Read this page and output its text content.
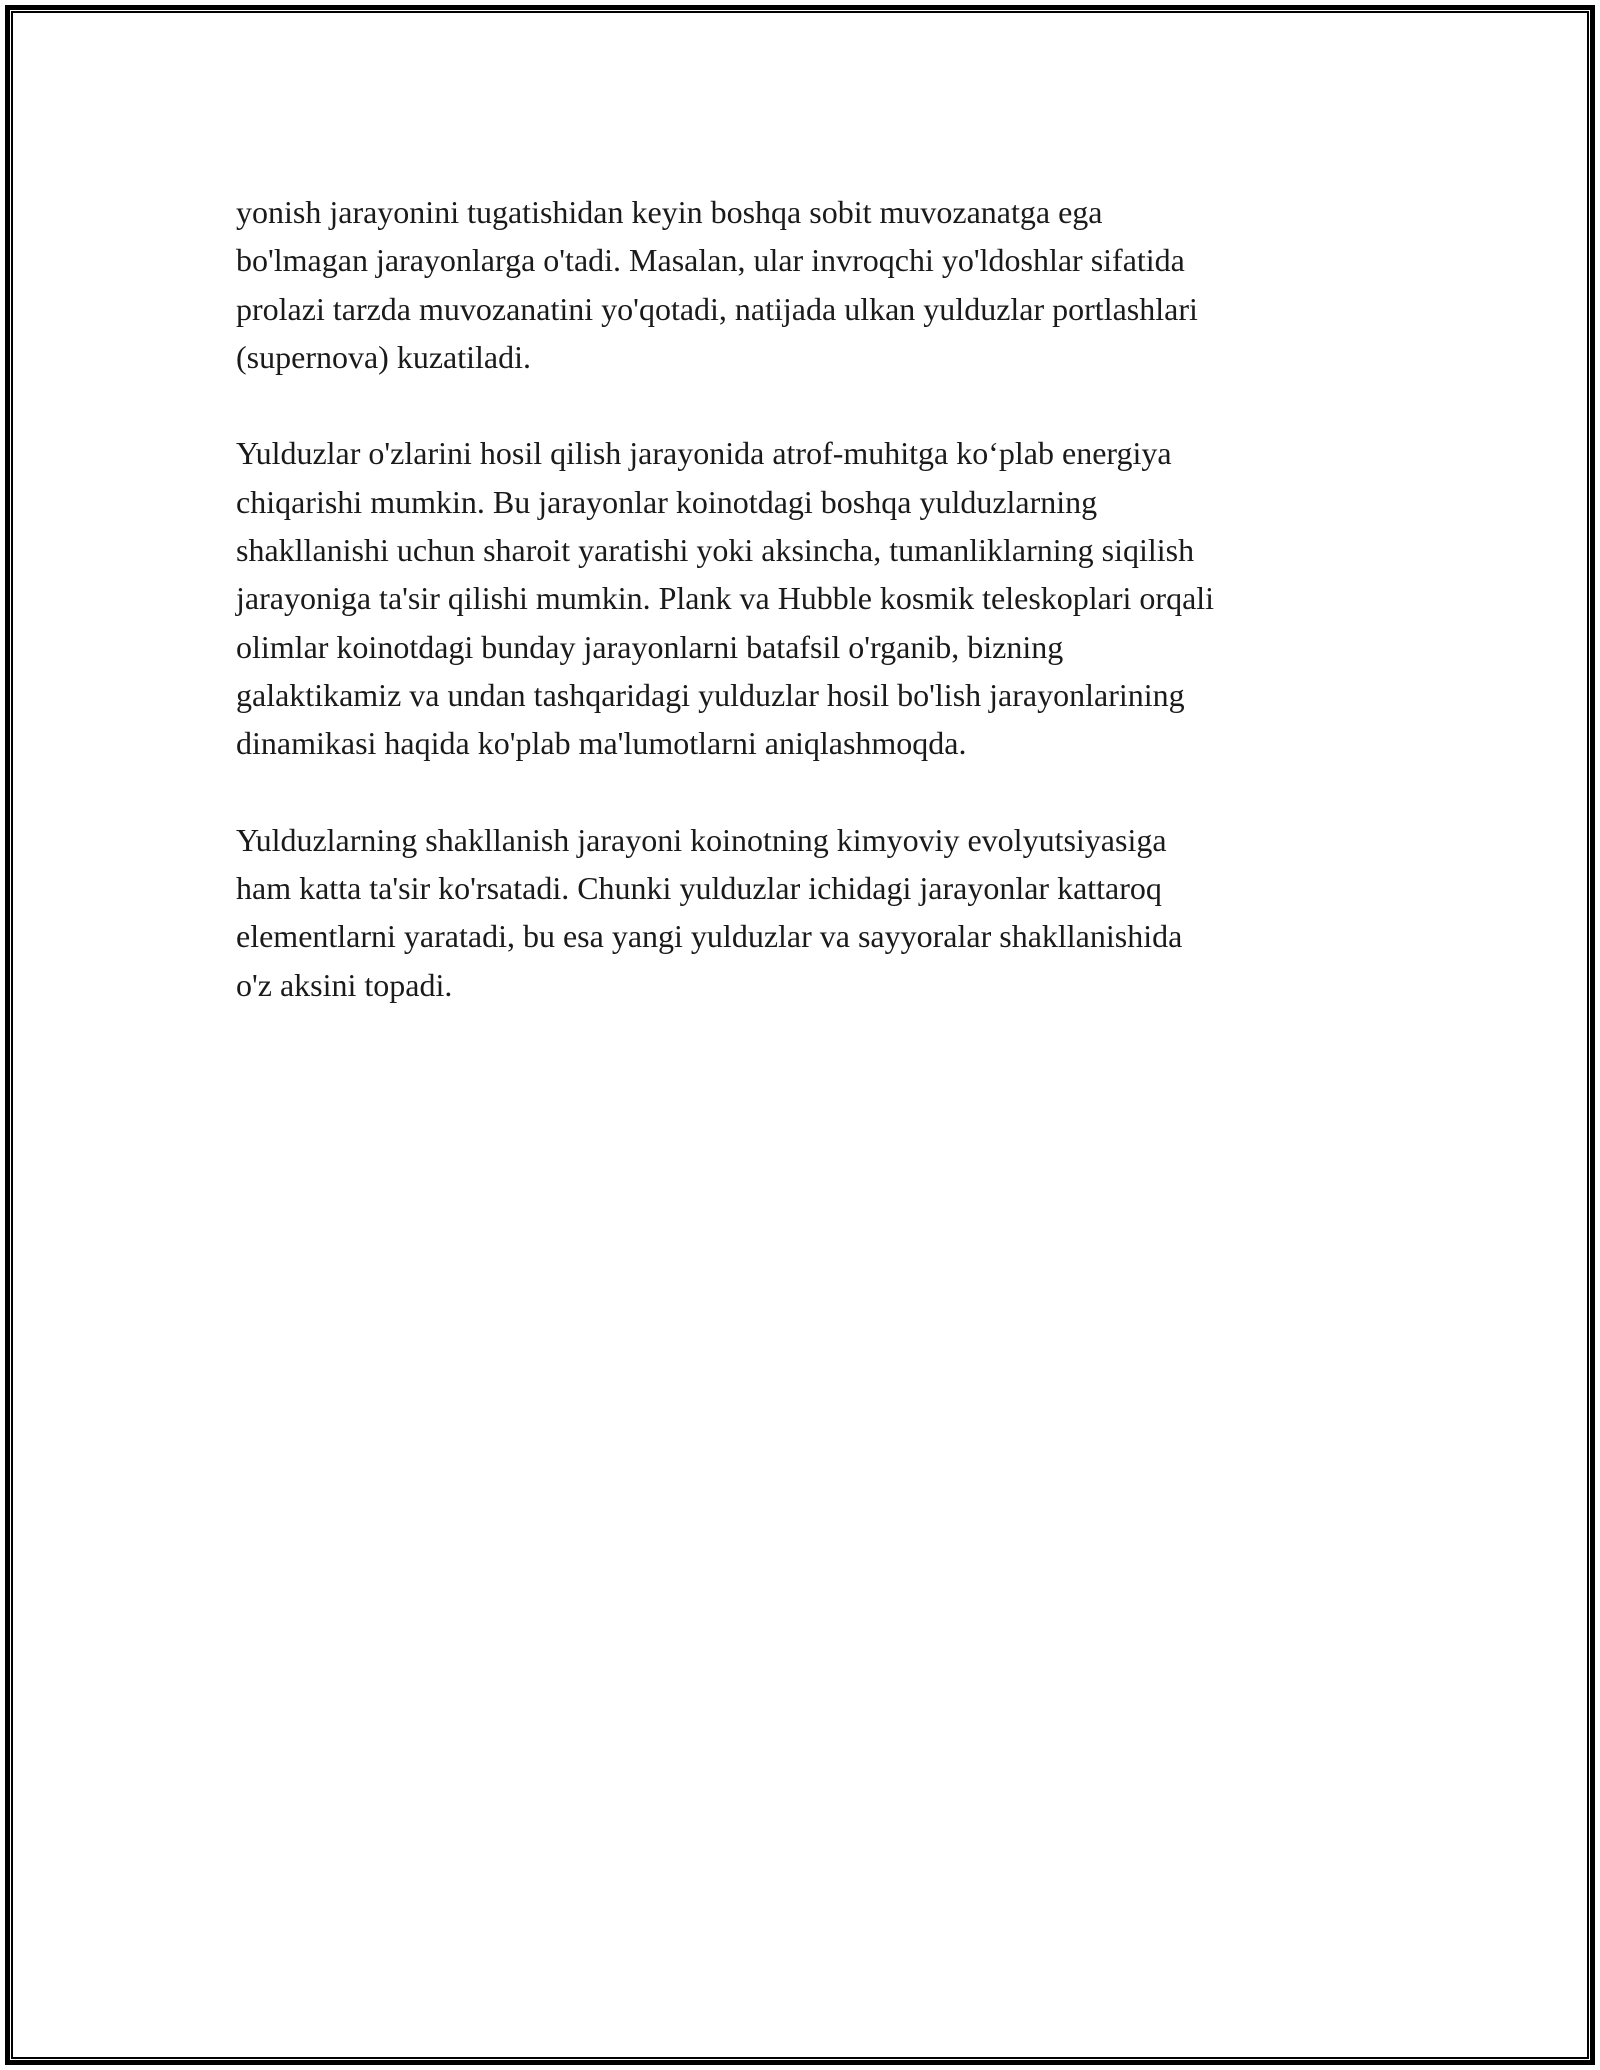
yonish jarayonini tugatishidan keyin boshqa sobit muvozanatga ega
bo'lmagan jarayonlarga o'tadi. Masalan, ular invroqchi yo'ldoshlar sifatida
prolazi tarzda muvozanatini yo'qotadi, natijada ulkan yulduzlar portlashlari
(supernova) kuzatiladi.

Yulduzlar o'zlarini hosil qilish jarayonida atrof-muhitga ko‘plab energiya
chiqarishi mumkin. Bu jarayonlar koinotdagi boshqa yulduzlarning
shakllanishi uchun sharoit yaratishi yoki aksincha, tumanliklarning siqilish
jarayoniga ta'sir qilishi mumkin. Plank va Hubble kosmik teleskoplari orqali
olimlar koinotdagi bunday jarayonlarni batafsil o'rganib, bizning
galaktikamiz va undan tashqaridagi yulduzlar hosil bo'lish jarayonlarining
dinamikasi haqida ko'plab ma'lumotlarni aniqlashmoqda.

Yulduzlarning shakllanish jarayoni koinotning kimyoviy evolyutsiyasiga
ham katta ta'sir ko'rsatadi. Chunki yulduzlar ichidagi jarayonlar kattaroq
elementlarni yaratadi, bu esa yangi yulduzlar va sayyoralar shakllanishida
o'z aksini topadi.
